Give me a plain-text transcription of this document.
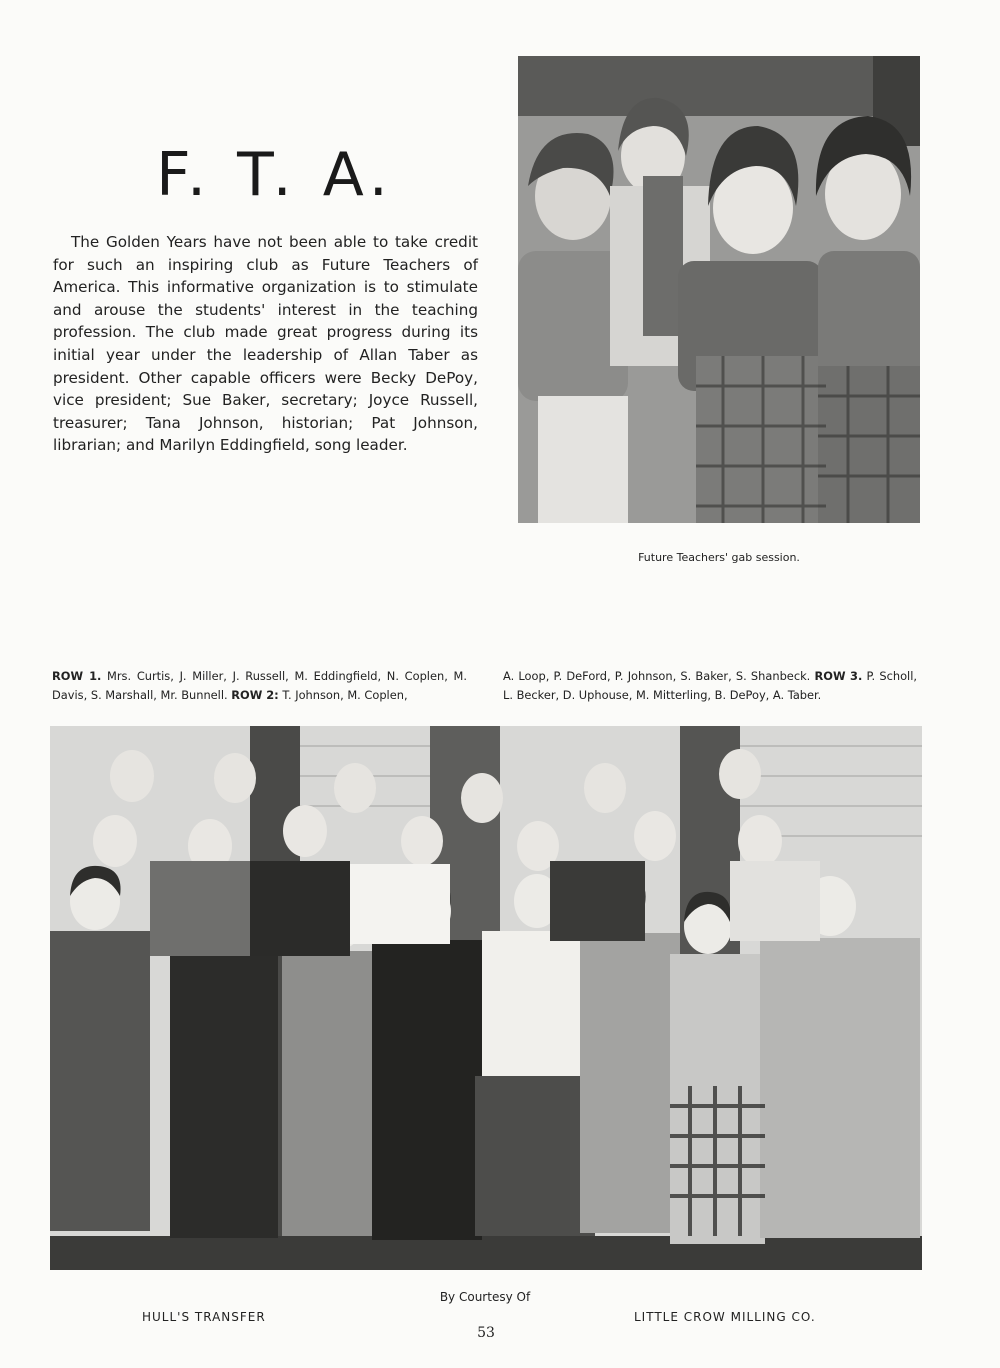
F. T. A.

The Golden Years have not been able to take credit for such an inspiring club as Future Teachers of America. This informative organization is to stimulate and arouse the students' interest in the teaching profession. The club made great progress during its initial year under the leadership of Allan Taber as president. Other capable officers were Becky DePoy, vice president; Sue Baker, secretary; Joyce Russell, treasurer; Tana Johnson, historian; Pat Johnson, librarian; and Marilyn Eddingfield, song leader.

Future Teachers' gab session.

ROW 1. Mrs. Curtis, J. Miller, J. Russell, M. Eddingfield, N. Coplen, M. Davis, S. Marshall, Mr. Bunnell. ROW 2: T. Johnson, M. Coplen,

A. Loop, P. DeFord, P. Johnson, S. Baker, S. Shanbeck. ROW 3. P. Scholl, L. Becker, D. Uphouse, M. Mitterling, B. DePoy, A. Taber.

By Courtesy Of

HULL'S TRANSFER	LITTLE CROW MILLING CO.

53
